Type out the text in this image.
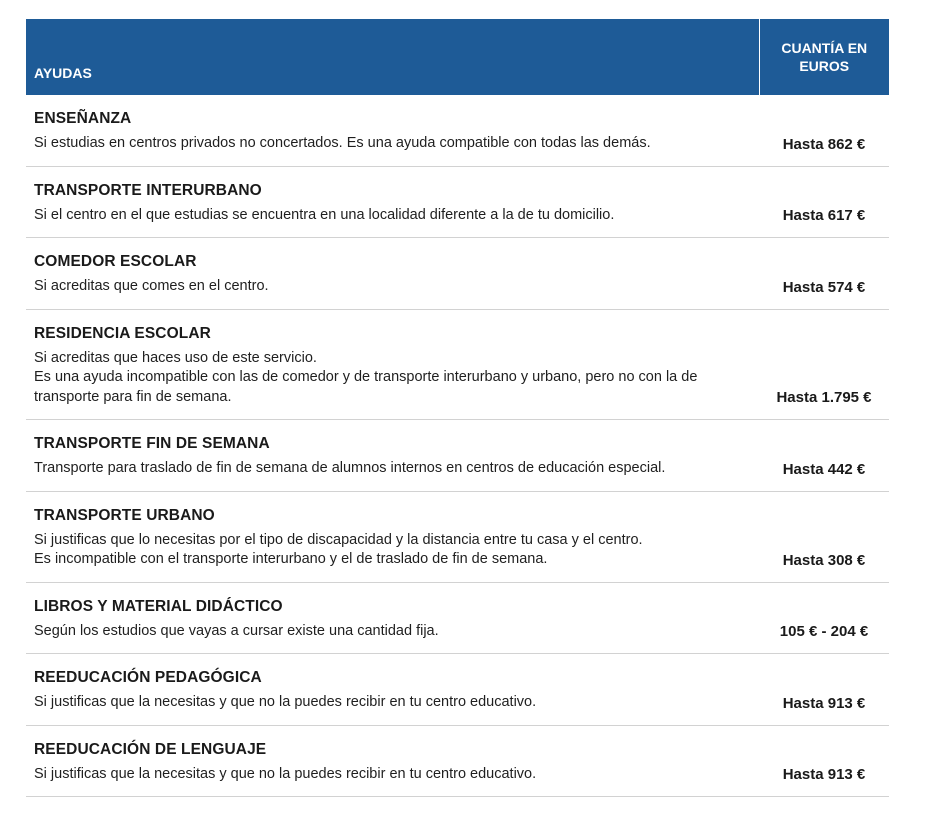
AYUDAS	CUANTÍA EN EUROS

ENSEÑANZA
Si estudias en centros privados no concertados. Es una ayuda compatible con todas las demás.	Hasta 862 €

TRANSPORTE INTERURBANO
Si el centro en el que estudias se encuentra en una localidad diferente a la de tu domicilio.	Hasta 617 €

COMEDOR ESCOLAR
Si acreditas que comes en el centro.	Hasta 574 €

RESIDENCIA ESCOLAR
Si acreditas que haces uso de este servicio.
Es una ayuda incompatible con las de comedor y de transporte interurbano y urbano, pero no con la de transporte para fin de semana.	Hasta 1.795 €

TRANSPORTE FIN DE SEMANA
Transporte para traslado de fin de semana de alumnos internos en centros de educación especial.	Hasta 442 €

TRANSPORTE URBANO
Si justificas que lo necesitas por el tipo de discapacidad y la distancia entre tu casa y el centro.
Es incompatible con el transporte interurbano y el de traslado de fin de semana.	Hasta 308 €

LIBROS Y MATERIAL DIDÁCTICO
Según los estudios que vayas a cursar existe una cantidad fija.	105 € - 204 €

REEDUCACIÓN PEDAGÓGICA
Si justificas que la necesitas y que no la puedes recibir en tu centro educativo.	Hasta 913 €

REEDUCACIÓN DE LENGUAJE
Si justificas que la necesitas y que no la puedes recibir en tu centro educativo.	Hasta 913 €
